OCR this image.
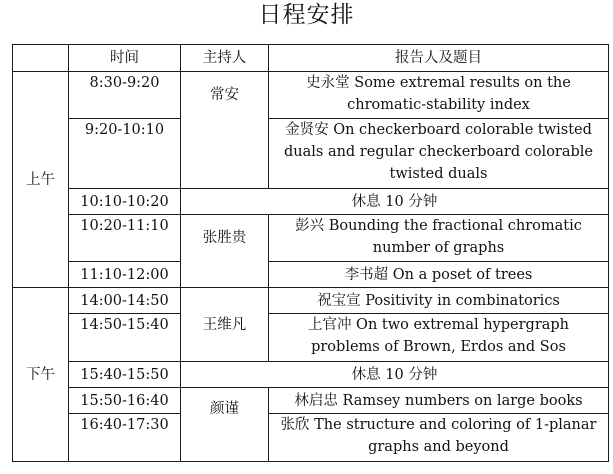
日程安排
	时间	主持人	报告人及题目
上午	8:30-9:20	常安	史永堂 Some extremal results on the chromatic-stability index

	9:20-10:10		金贤安 On checkerboard colorable twisted duals and regular checkerboard colorable twisted duals

	10:10-10:20	休息 10 分钟	
	10:20-11:10	张胜贵	彭兴 Bounding the fractional chromatic number of graphs

	11:10-12:00		李书超 On a poset of trees

下午	14:00-14:50	王维凡	祝宝宣 Positivity in combinatorics

	14:50-15:40		上官冲 On two extremal hypergraph problems of Brown, Erdos and Sos

	15:40-15:50	休息 10 分钟	
	15:50-16:40	颜谨	林启忠 Ramsey numbers on large books

	16:40-17:30		张欣 The structure and coloring of 1-planar graphs and beyond
